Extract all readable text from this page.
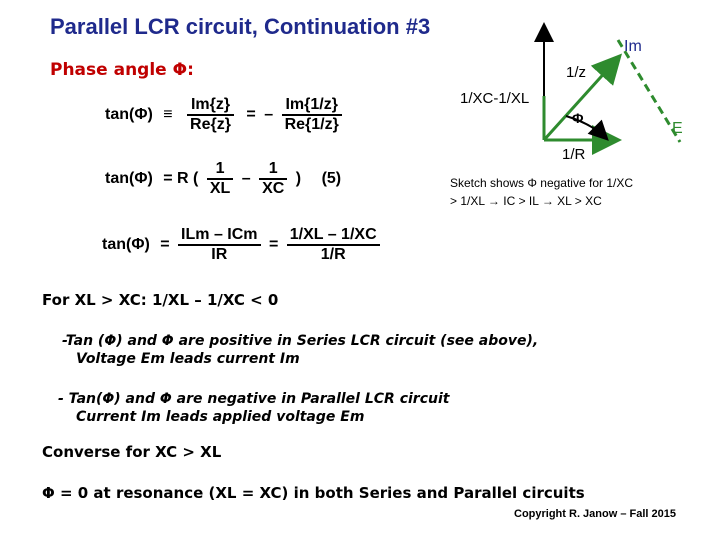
Parallel LCR circuit, Continuation #3
Phase angle Φ:
$\tan(\Phi) \equiv \frac{Im\{z\}}{Re\{z\}}$ = – $\frac{Im\{1/z\}}{Re\{1/z\}}$
tan(Φ) = R ( $\frac{1}{XL} - \frac{1}{XC}$ ) (5)
$\tan(\Phi) = \frac{\text{ILm – ICm}}{IR} = \frac{1/XL - 1/XC}{1/R}$
Im
1/z
1/XC-1/XL
Φ
E
1/R
Sketch shows Φ negative for 1/XC
> 1/XL → IC > IL → XL > XC
For XL > XC: 1/XL – 1/XC < 0
-Tan (Φ) and Φ are positive in Series LCR circuit (see above),
Voltage Em leads current Im
- Tan(Φ) and Φ are negative in Parallel LCR circuit
Current Im leads applied voltage Em
Converse for XC > XL
Φ = 0 at resonance (XL = XC) in both Series and Parallel circuits
Copyright R. Janow – Fall 2015
